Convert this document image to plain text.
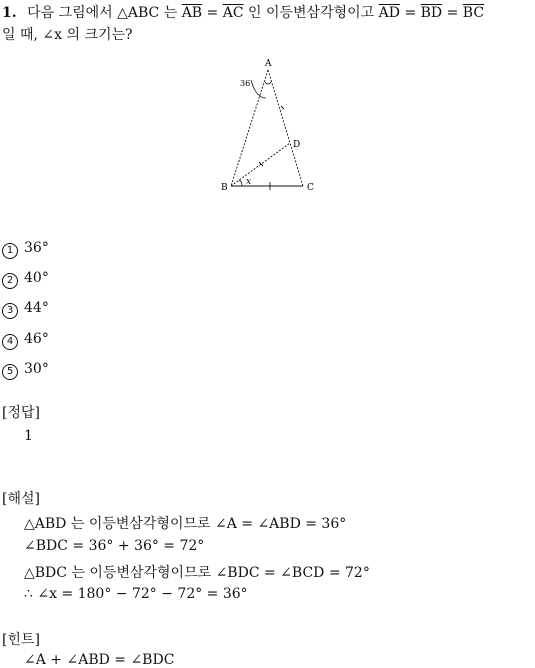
1. 다음 그림에서 △ABC 는 $\overline{AB} = \overline{AC}$ 인 이등변삼각형이고 $\overline{AD} = \overline{BD} = \overline{BC}$
일 때, ∠x 의 크기는?
A
B	C
D
36
x
1 36°
2 40°
3 44°
4 46°
5 30°
[정답]
1
[해설]
△ABD 는 이등변삼각형이므로 ∠A = ∠ABD = 36°
∠BDC = 36° + 36° = 72°
△BDC 는 이등변삼각형이므로 ∠BDC = ∠BCD = 72°
∴ ∠x = 180° − 72° − 72° = 36°
[힌트]
∠A + ∠ABD = ∠BDC
